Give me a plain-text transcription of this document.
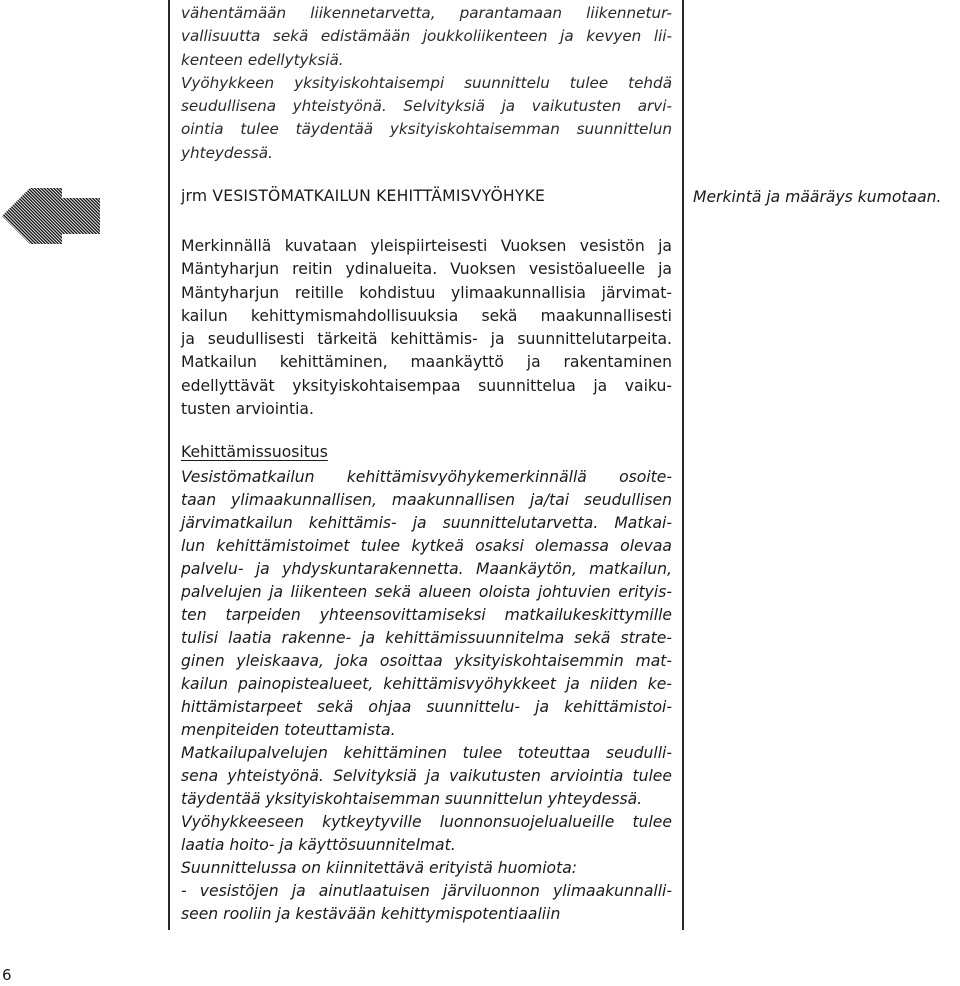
vähentämään liikennetarvetta, parantamaan liikennetur-
vallisuutta sekä edistämään joukkoliikenteen ja kevyen lii-
kenteen edellytyksiä.
Vyöhykkeen yksityiskohtaisempi suunnittelu tulee tehdä
seudullisena yhteistyönä. Selvityksiä ja vaikutusten arvi-
ointia tulee täydentää yksityiskohtaisemman suunnittelun
yhteydessä.
jrm VESISTÖMATKAILUN KEHITTÄMISVYÖHYKE	Merkintä ja määräys kumotaan.
Merkinnällä kuvataan yleispiirteisesti Vuoksen vesistön ja
Mäntyharjun reitin ydinalueita. Vuoksen vesistöalueelle ja
Mäntyharjun reitille kohdistuu ylimaakunnallisia järvimat-
kailun kehittymismahdollisuuksia sekä maakunnallisesti
ja seudullisesti tärkeitä kehittämis- ja suunnittelutarpeita.
Matkailun kehittäminen, maankäyttö ja rakentaminen
edellyttävät yksityiskohtaisempaa suunnittelua ja vaiku-
tusten arviointia.
Kehittämissuositus
Vesistömatkailun kehittämisvyöhykemerkinnällä osoite-
taan ylimaakunnallisen, maakunnallisen ja/tai seudullisen
järvimatkailun kehittämis- ja suunnittelutarvetta. Matkai-
lun kehittämistoimet tulee kytkeä osaksi olemassa olevaa
palvelu- ja yhdyskuntarakennetta. Maankäytön, matkailun,
palvelujen ja liikenteen sekä alueen oloista johtuvien erityis-
ten tarpeiden yhteensovittamiseksi matkailukeskittymille
tulisi laatia rakenne- ja kehittämissuunnitelma sekä strate-
ginen yleiskaava, joka osoittaa yksityiskohtaisemmin mat-
kailun painopistealueet, kehittämisvyöhykkeet ja niiden ke-
hittämistarpeet sekä ohjaa suunnittelu- ja kehittämistoi-
menpiteiden toteuttamista.
Matkailupalvelujen kehittäminen tulee toteuttaa seudulli-
sena yhteistyönä. Selvityksiä ja vaikutusten arviointia tulee
täydentää yksityiskohtaisemman suunnittelun yhteydessä.
Vyöhykkeeseen kytkeytyville luonnonsuojelualueille tulee
laatia hoito- ja käyttösuunnitelmat.
Suunnittelussa on kiinnitettävä erityistä huomiota:
- vesistöjen ja ainutlaatuisen järviluonnon ylimaakunnalli-
seen rooliin ja kestävään kehittymispotentiaaliin
6
